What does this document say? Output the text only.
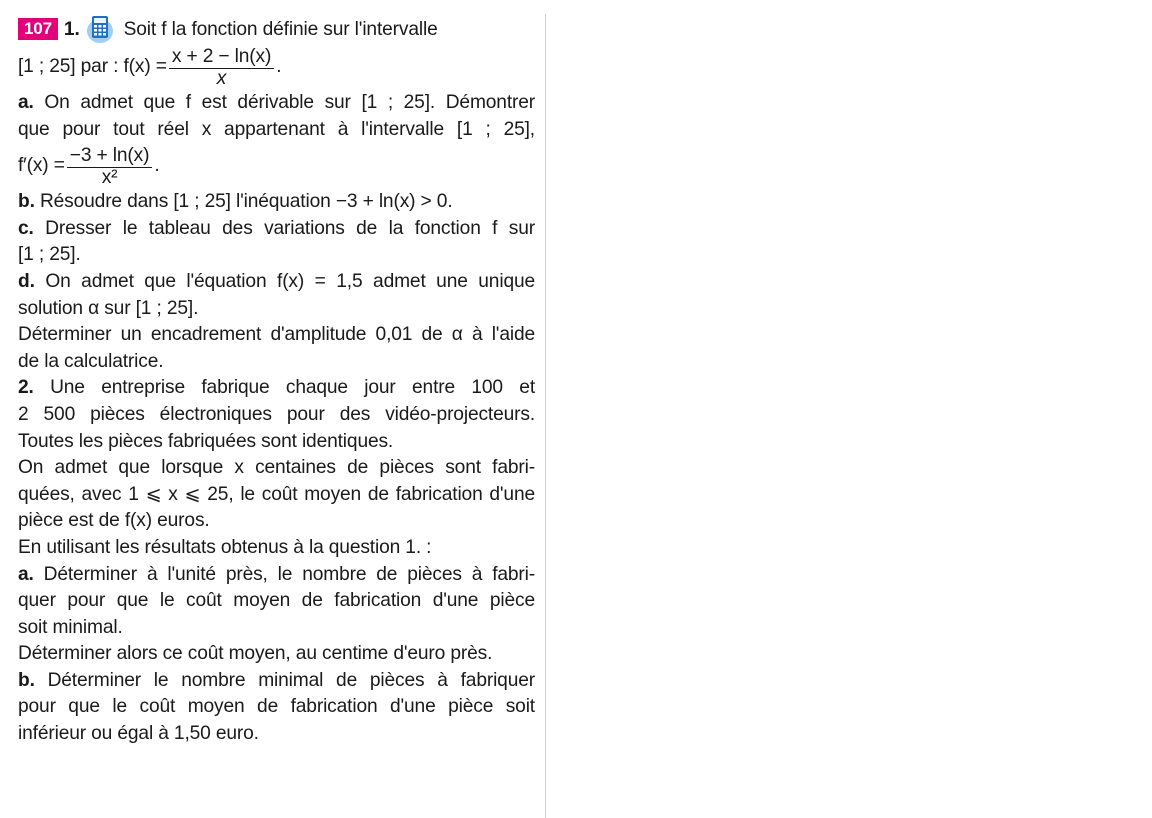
107 1. Soit f la fonction définie sur l'intervalle
[1 ; 25] par : $f(x) = \frac{x + 2 - \ln(x)}{x}$ .
a. On admet que f est dérivable sur [1 ; 25]. Démontrer
que pour tout réel x appartenant à l'intervalle [1 ; 25],
$f'(x) = \frac{-3 + \ln(x)}{\text{x²}}$ .
b. Résoudre dans [1 ; 25] l'inéquation −3 + ln(x) > 0.
c. Dresser le tableau des variations de la fonction f sur
[1 ; 25].
d. On admet que l'équation f(x) = 1,5 admet une unique
solution α sur [1 ; 25].
Déterminer un encadrement d'amplitude 0,01 de α à l'aide
de la calculatrice.
2. Une entreprise fabrique chaque jour entre 100 et
2 500 pièces électroniques pour des vidéo-projecteurs.
Toutes les pièces fabriquées sont identiques.
On admet que lorsque x centaines de pièces sont fabri-
quées, avec 1 ⩽ x ⩽ 25, le coût moyen de fabrication d'une
pièce est de f(x) euros.
En utilisant les résultats obtenus à la question 1. :
a. Déterminer à l'unité près, le nombre de pièces à fabri-
quer pour que le coût moyen de fabrication d'une pièce
soit minimal.
Déterminer alors ce coût moyen, au centime d'euro près.
b. Déterminer le nombre minimal de pièces à fabriquer
pour que le coût moyen de fabrication d'une pièce soit
inférieur ou égal à 1,50 euro.
